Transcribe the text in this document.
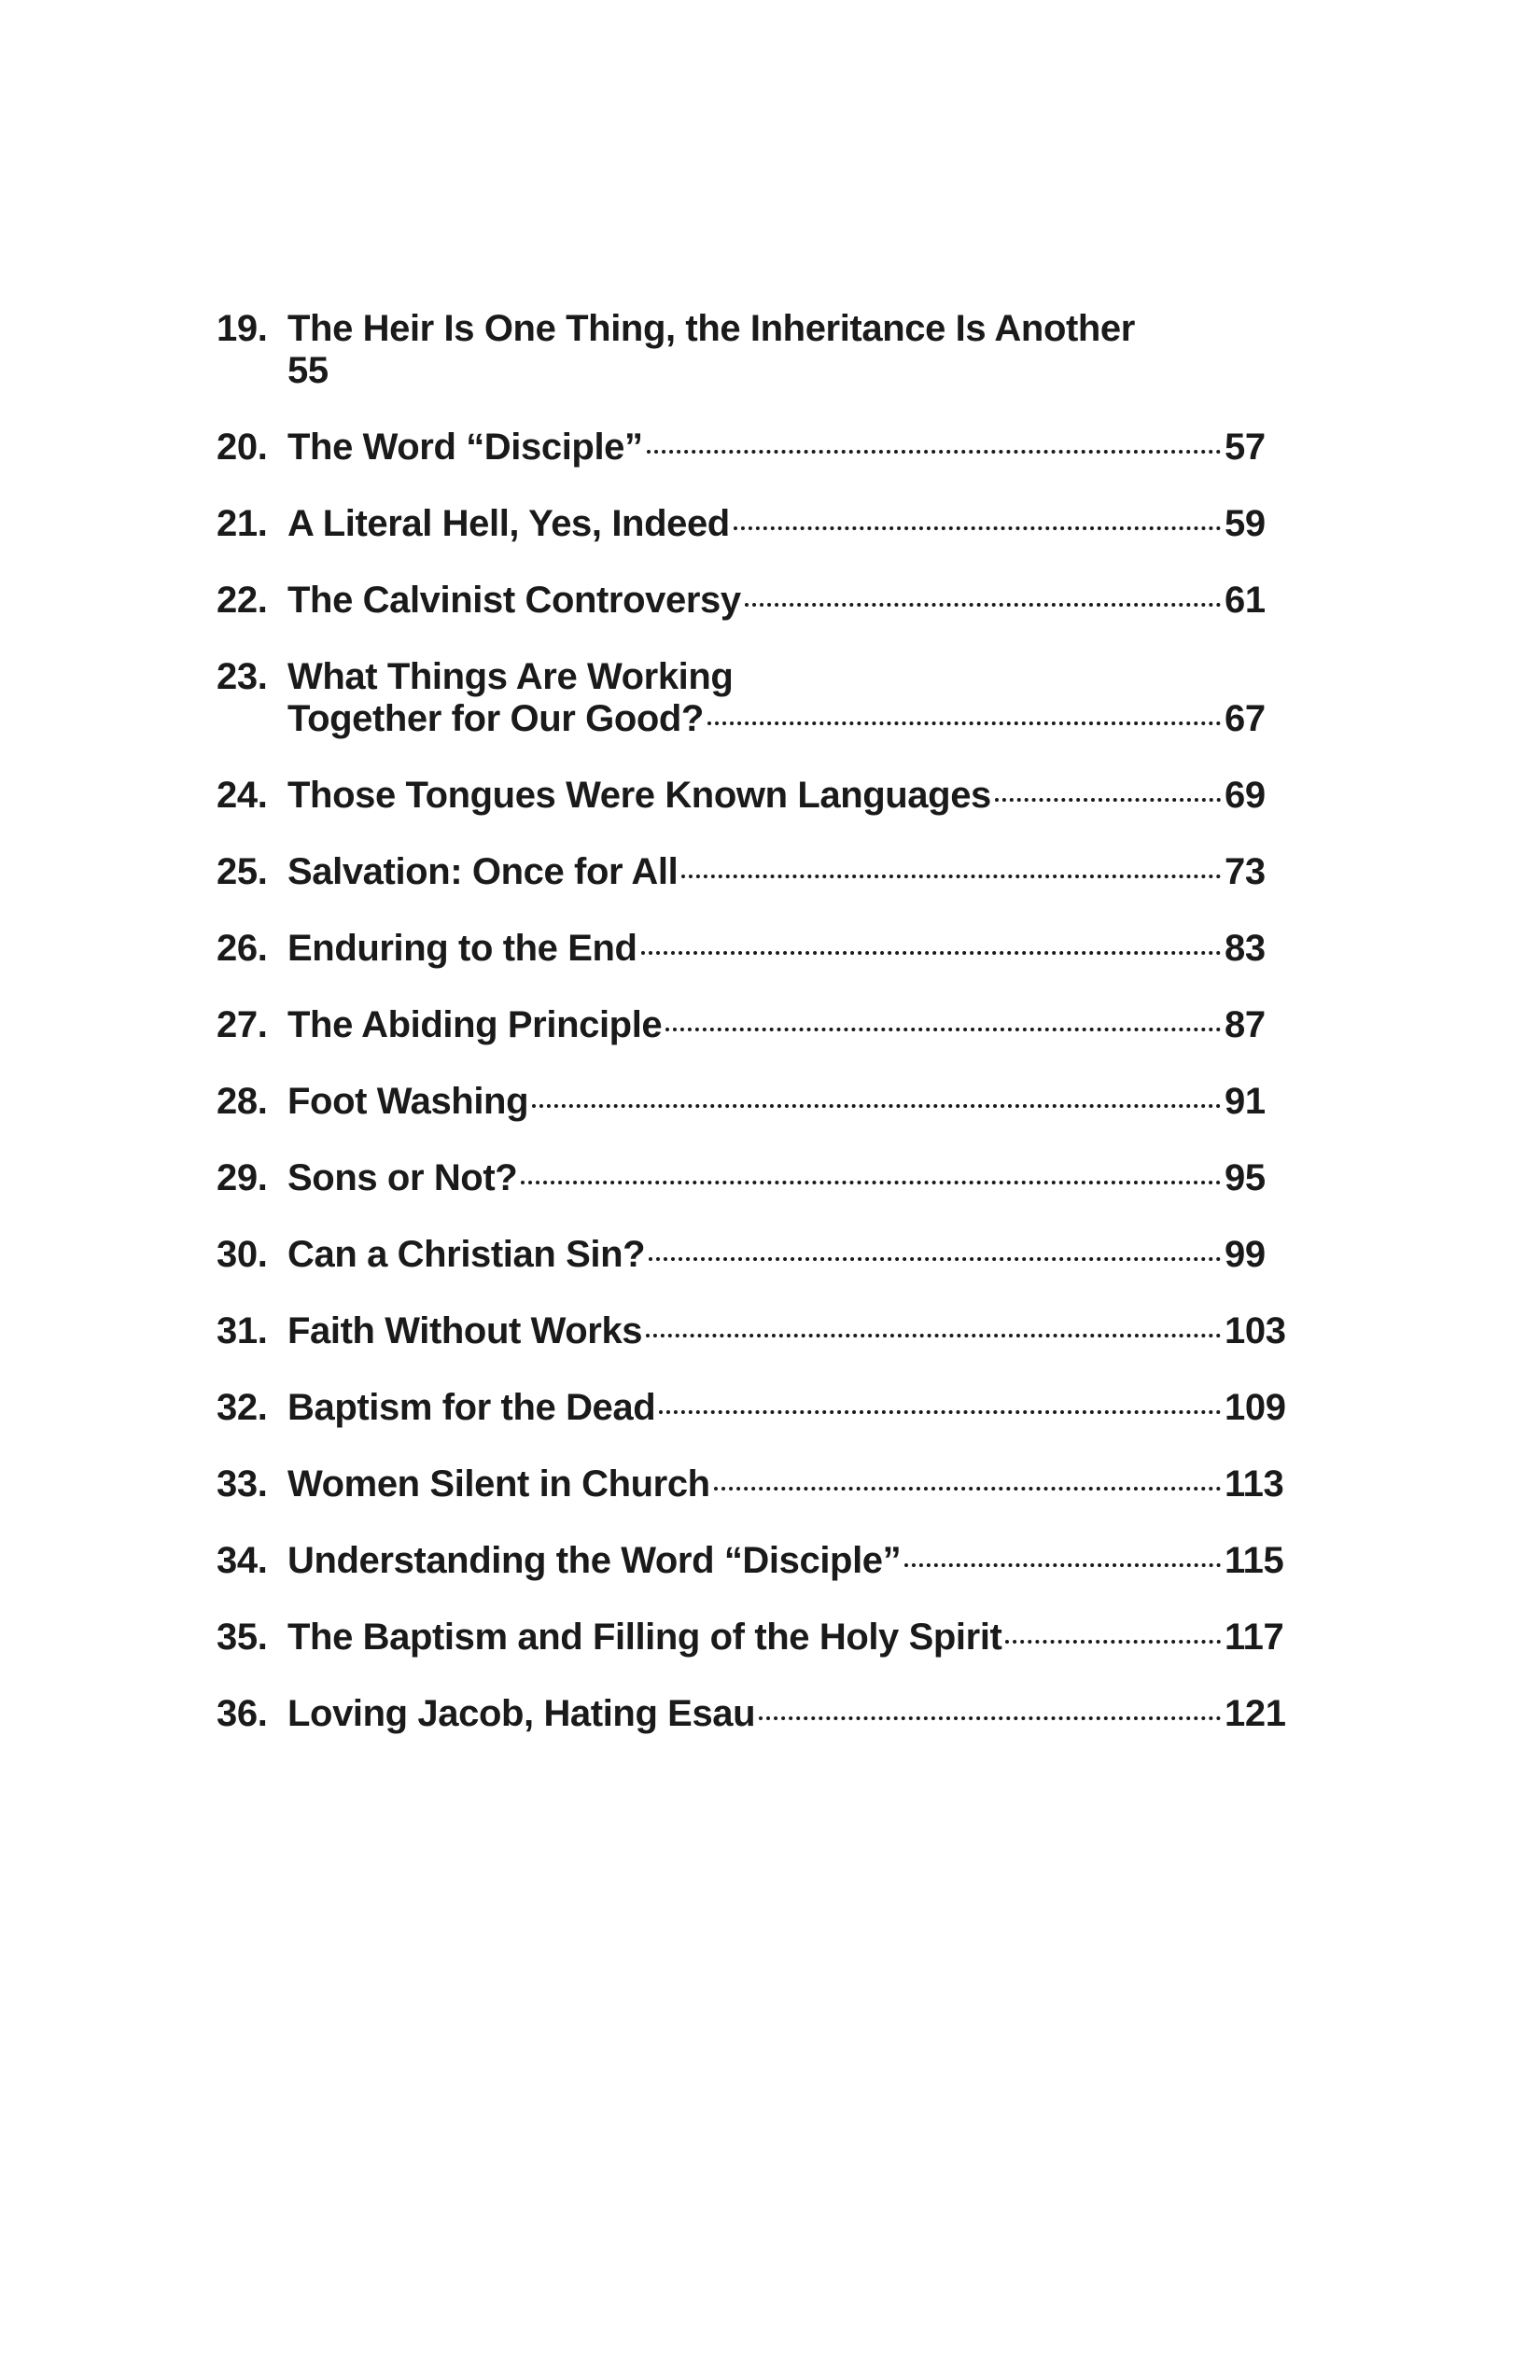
19. The Heir Is One Thing, the Inheritance Is Another
55
20. The Word “Disciple”	57
21. A Literal Hell, Yes, Indeed	59
22. The Calvinist Controversy	61
23. What Things Are Working
Together for Our Good?	67
24. Those Tongues Were Known Languages	69
25. Salvation: Once for All	73
26. Enduring to the End	83
27. The Abiding Principle	87
28. Foot Washing	91
29. Sons or Not?	95
30. Can a Christian Sin?	99
31. Faith Without Works	103
32. Baptism for the Dead	109
33. Women Silent in Church	113
34. Understanding the Word “Disciple”	115
35. The Baptism and Filling of the Holy Spirit	117
36. Loving Jacob, Hating Esau	121
